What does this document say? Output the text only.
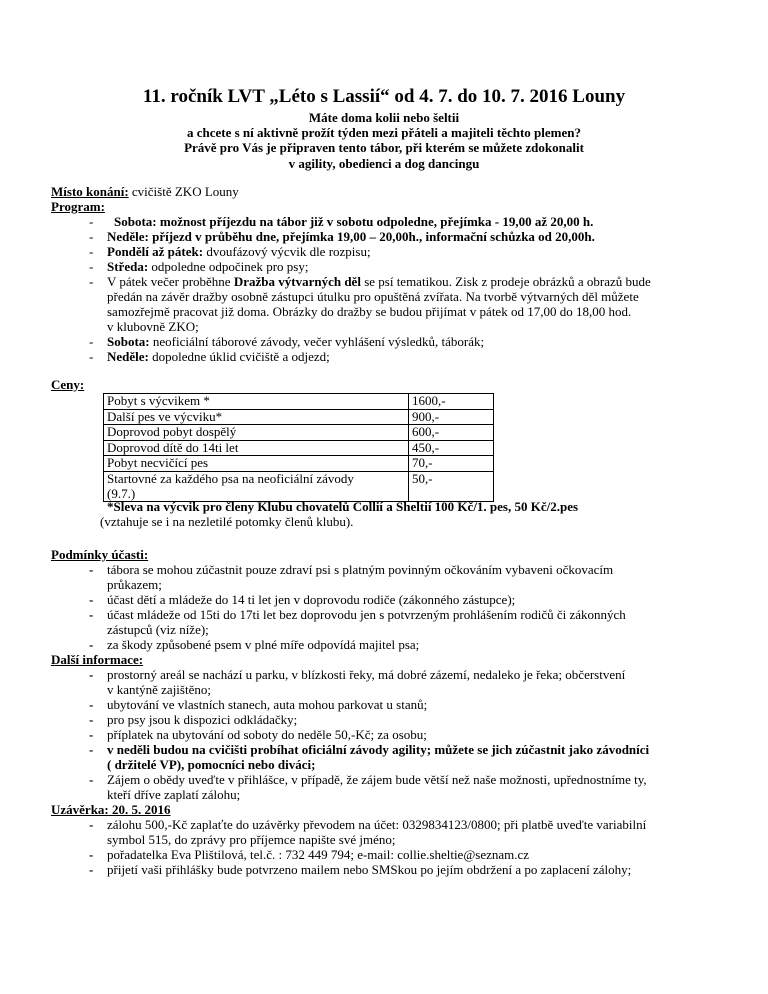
11. ročník LVT „Léto s Lassií“ od 4. 7. do 10. 7. 2016 Louny
Máte doma kolii nebo šeltii
a chcete s ní aktivně prožít týden mezi přáteli a majiteli těchto plemen?
Právě pro Vás je připraven tento tábor, při kterém se můžete zdokonalit
v agility, obedienci a dog dancingu
Místo konání: cvičiště ZKO Louny
Program:
- Sobota: možnost příjezdu na tábor již v sobotu odpoledne, přejímka - 19,00 až 20,00 h.
- Neděle: příjezd v průběhu dne, přejímka 19,00 – 20,00h., informační schůzka od 20,00h.
- Pondělí až pátek: dvoufázový výcvik dle rozpisu;
- Středa: odpoledne odpočinek pro psy;
- V pátek večer proběhne Dražba výtvarných děl se psí tematikou. Zisk z prodeje obrázků a obrazů bude
předán na závěr dražby osobně zástupci útulku pro opuštěná zvířata. Na tvorbě výtvarných děl můžete
samozřejmě pracovat již doma. Obrázky do dražby se budou přijímat v pátek od 17,00 do 18,00 hod.
v klubovně ZKO;
- Sobota: neoficiální táborové závody, večer vyhlášení výsledků, táborák;
- Neděle: dopoledne úklid cvičiště a odjezd;
Ceny:
Pobyt s výcvikem *	1600,-

Další pes ve výcviku*	900,-

Doprovod pobyt dospělý	600,-

Doprovod dítě do 14ti let	450,-

Pobyt necvičící pes	70,-

Startovné za každého psa na neoficiální závody
(9.7.)	50,-
*Sleva na výcvik pro členy Klubu chovatelů Collií a Sheltií 100 Kč/1. pes, 50 Kč/2.pes
(vztahuje se i na nezletilé potomky členů klubu).
Podmínky účasti:
- tábora se mohou zúčastnit pouze zdraví psi s platným povinným očkováním vybaveni očkovacím
průkazem;
- účast dětí a mládeže do 14 ti let jen v doprovodu rodiče (zákonného zástupce);
- účast mládeže od 15ti do 17ti let bez doprovodu jen s potvrzeným prohlášením rodičů či zákonných
zástupců (viz níže);
- za škody způsobené psem v plné míře odpovídá majitel psa;
Další informace:
- prostorný areál se nachází u parku, v blízkosti řeky, má dobré zázemí, nedaleko je řeka; občerstvení
v kantýně zajištěno;
- ubytování ve vlastních stanech, auta mohou parkovat u stanů;
- pro psy jsou k dispozici odkládačky;
- příplatek na ubytování od soboty do neděle 50,-Kč; za osobu;
- v neděli budou na cvičišti probíhat oficiální závody agility; můžete se jich zúčastnit jako závodníci
( držitelé VP), pomocníci nebo diváci;
- Zájem o obědy uveďte v přihlášce, v případě, že zájem bude větší než naše možnosti, upřednostníme ty,
kteří dříve zaplatí zálohu;
Uzávěrka: 20. 5. 2016
- zálohu 500,-Kč zaplaťte do uzávěrky převodem na účet: 0329834123/0800; při platbě uveďte variabilní
symbol 515, do zprávy pro příjemce napište své jméno;
- pořadatelka Eva Plištilová, tel.č. : 732 449 794; e-mail: collie.sheltie@seznam.cz
- přijetí vaši přihlášky bude potvrzeno mailem nebo SMSkou po jejím obdržení a po zaplacení zálohy;
